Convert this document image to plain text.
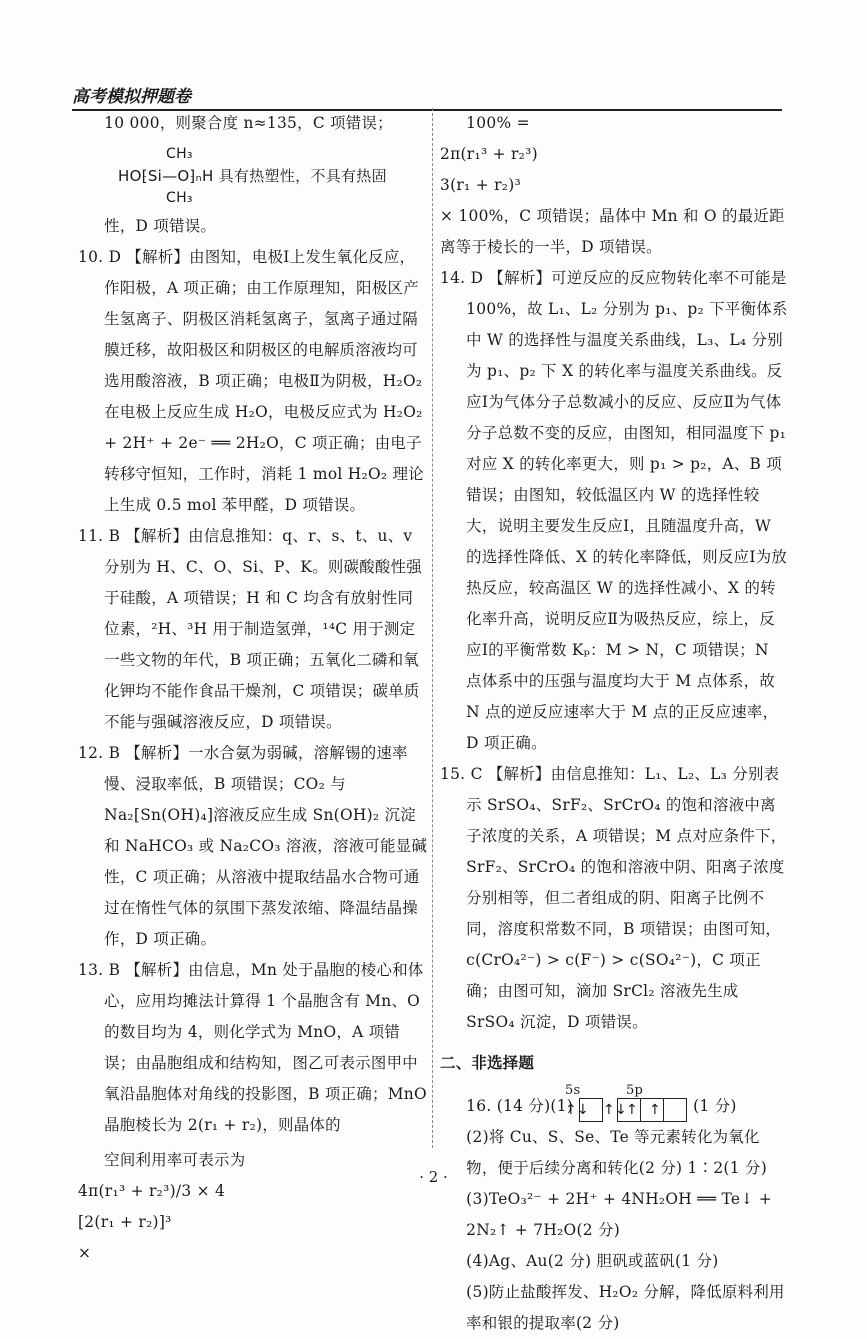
高考模拟押题卷

10 000，则聚合度 n≈135，C 项错误；

CH₃
HO⁅Si—O⁆ₙH 具有热塑性，不具有热固
CH₃

性，D 项错误。

10. D 【解析】由图知，电极Ⅰ上发生氧化反应，作阳极，A 项正确；由工作原理知，阳极区产生氢离子、阴极区消耗氢离子，氢离子通过隔膜迁移，故阳极区和阴极区的电解质溶液均可选用酸溶液，B 项正确；电极Ⅱ为阴极，H₂O₂ 在电极上反应生成 H₂O，电极反应式为 H₂O₂ + 2H⁺ + 2e⁻ ══ 2H₂O，C 项正确；由电子转移守恒知，工作时，消耗 1 mol H₂O₂ 理论上生成 0.5 mol 苯甲醛，D 项错误。

11. B 【解析】由信息推知：q、r、s、t、u、v 分别为 H、C、O、Si、P、K。则碳酸酸性强于硅酸，A 项错误；H 和 C 均含有放射性同位素，²H、³H 用于制造氢弹，¹⁴C 用于测定一些文物的年代，B 项正确；五氧化二磷和氧化钾均不能作食品干燥剂，C 项错误；碳单质不能与强碱溶液反应，D 项错误。

12. B 【解析】一水合氨为弱碱，溶解锡的速率慢、浸取率低，B 项错误；CO₂ 与 Na₂[Sn(OH)₄]溶液反应生成 Sn(OH)₂ 沉淀和 NaHCO₃ 或 Na₂CO₃ 溶液，溶液可能显碱性，C 项正确；从溶液中提取结晶水合物可通过在惰性气体的氛围下蒸发浓缩、降温结晶操作，D 项正确。

13. B 【解析】由信息，Mn 处于晶胞的棱心和体心，应用均摊法计算得 1 个晶胞含有 Mn、O 的数目均为 4，则化学式为 MnO，A 项错误；由晶胞组成和结构知，图乙可表示图甲中氧沿晶胞体对角线的投影图，B 项正确；MnO 晶胞棱长为 2(r₁ + r₂)，则晶体的

空间利用率可表示为

4π(r₁³ + r₂³)/3 × 4
[2(r₁ + r₂)]³
×

100% =

2π(r₁³ + r₂³)
3(r₁ + r₂)³
× 100%，C 项错误；晶体中 Mn 和 O 的最近距离等于棱长的一半，D 项错误。

14. D 【解析】可逆反应的反应物转化率不可能是 100%，故 L₁、L₂ 分别为 p₁、p₂ 下平衡体系中 W 的选择性与温度关系曲线，L₃、L₄ 分别为 p₁、p₂ 下 X 的转化率与温度关系曲线。反应Ⅰ为气体分子总数减小的反应、反应Ⅱ为气体分子总数不变的反应，由图知，相同温度下 p₁ 对应 X 的转化率更大，则 p₁ > p₂，A、B 项错误；由图知，较低温区内 W 的选择性较大，说明主要发生反应Ⅰ，且随温度升高，W 的选择性降低、X 的转化率降低，则反应Ⅰ为放热反应，较高温区 W 的选择性减小、X 的转化率升高，说明反应Ⅱ为吸热反应，综上，反应Ⅰ的平衡常数 Kₚ：M > N，C 项错误；N 点体系中的压强与温度均大于 M 点体系，故 N 点的逆反应速率大于 M 点的正反应速率，D 项正确。

15. C 【解析】由信息推知：L₁、L₂、L₃ 分别表示 SrSO₄、SrF₂、SrCrO₄ 的饱和溶液中离子浓度的关系，A 项错误；M 点对应条件下，SrF₂、SrCrO₄ 的饱和溶液中阴、阳离子浓度分别相等，但二者组成的阴、阳离子比例不同，溶度积常数不同，B 项错误；由图可知，c(CrO₄²⁻) > c(F⁻) > c(SO₄²⁻)，C 项正确；由图可知，滴加 SrCl₂ 溶液先生成 SrSO₄ 沉淀，D 项错误。

二、非选择题

16. (14 分)(1)
5s
↑↓
5p
↑↓
↑ ↑	(1 分)

(2)将 Cu、S、Se、Te 等元素转化为氧化物，便于后续分离和转化(2 分) 1∶2(1 分)

(3)TeO₃²⁻ + 2H⁺ + 4NH₂OH ══ Te↓ +

2N₂↑ + 7H₂O(2 分)

(4)Ag、Au(2 分) 胆矾或蓝矾(1 分)

(5)防止盐酸挥发、H₂O₂ 分解，降低原料利用率和银的提取率(2 分)

· 2 ·
